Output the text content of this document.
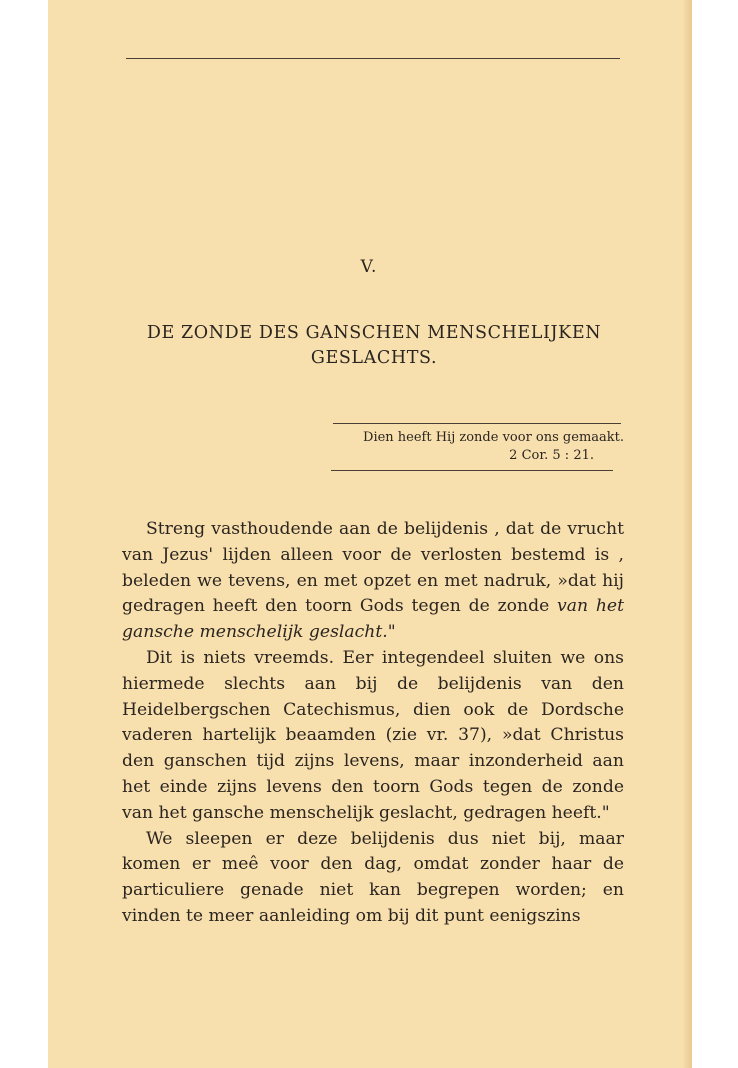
V.
DE ZONDE DES GANSCHEN MENSCHELIJKEN
GESLACHTS.
Dien heeft Hij zonde voor ons gemaakt.
2 Cor. 5 : 21.

Streng vasthoudende aan de belijdenis , dat de vrucht van Jezus' lijden alleen voor de verlosten bestemd is , beleden we tevens, en met opzet en met nadruk, »dat hij gedragen heeft den toorn Gods tegen de zonde van het gansche menschelijk geslacht."

Dit is niets vreemds. Eer integendeel sluiten we ons hiermede slechts aan bij de belijdenis van den Heidelbergschen Catechismus, dien ook de Dordsche vaderen hartelijk beaamden (zie vr. 37), »dat Christus den ganschen tijd zijns levens, maar inzonderheid aan het einde zijns levens den toorn Gods tegen de zonde van het gansche menschelijk geslacht, gedragen heeft."

We sleepen er deze belijdenis dus niet bij, maar komen er meê voor den dag, omdat zonder haar de particuliere genade niet kan begrepen worden; en vinden te meer aanleiding om bij dit punt eenigszins
